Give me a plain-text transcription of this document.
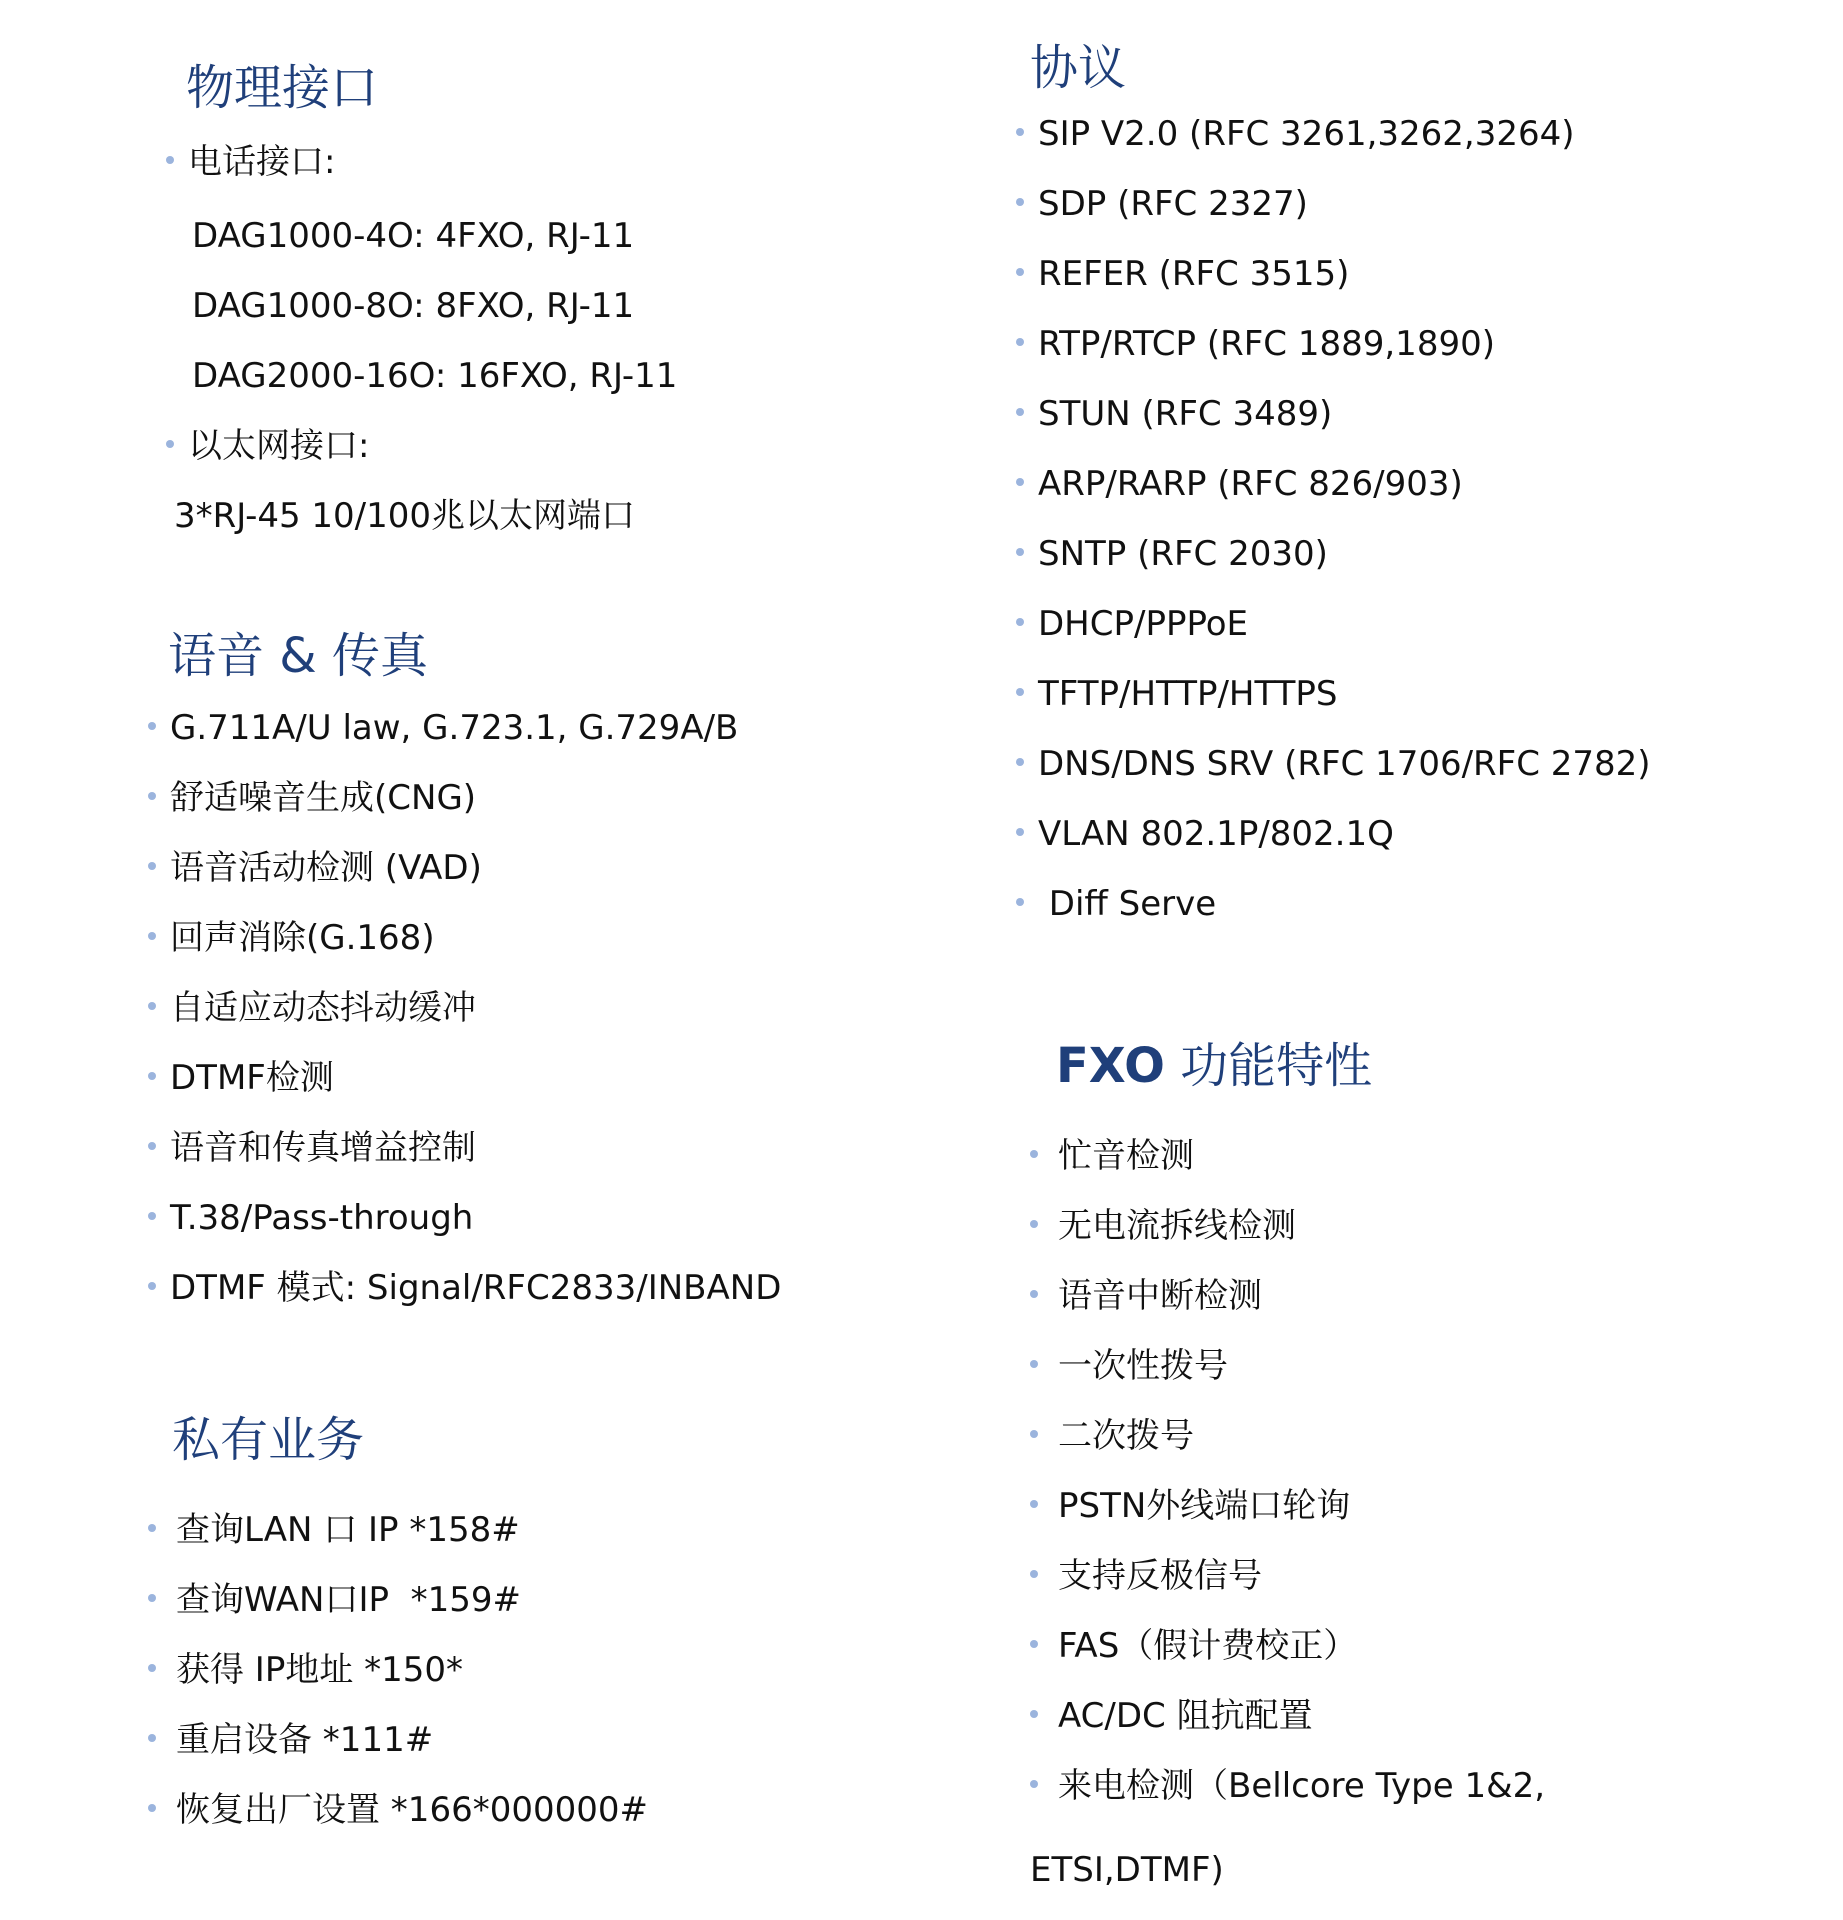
物理接口
电话接口:
DAG1000-4O: 4FXO, RJ-11
DAG1000-8O: 8FXO, RJ-11
DAG2000-16O: 16FXO, RJ-11
以太网接口:
3*RJ-45 10/100兆以太网端口
语音 & 传真
G.711A/U law, G.723.1, G.729A/B
舒适噪音生成(CNG)
语音活动检测 (VAD)
回声消除(G.168)
自适应动态抖动缓冲
DTMF检测
语音和传真增益控制
T.38/Pass-through
DTMF 模式: Signal/RFC2833/INBAND
私有业务
查询LAN 口 IP *158#
查询WAN口IP  *159#
获得 IP地址 *150*
重启设备 *111#
恢复出厂设置 *166*000000#
协议
SIP V2.0 (RFC 3261,3262,3264)
SDP (RFC 2327)
REFER (RFC 3515)
RTP/RTCP (RFC 1889,1890)
STUN (RFC 3489)
ARP/RARP (RFC 826/903)
SNTP (RFC 2030)
DHCP/PPPoE
TFTP/HTTP/HTTPS
DNS/DNS SRV (RFC 1706/RFC 2782)
VLAN 802.1P/802.1Q
Diff Serve
FXO 功能特性
忙音检测
无电流拆线检测
语音中断检测
一次性拨号
二次拨号
PSTN外线端口轮询
支持反极信号
FAS（假计费校正）
AC/DC 阻抗配置
来电检测（Bellcore Type 1&2,
ETSI,DTMF)
